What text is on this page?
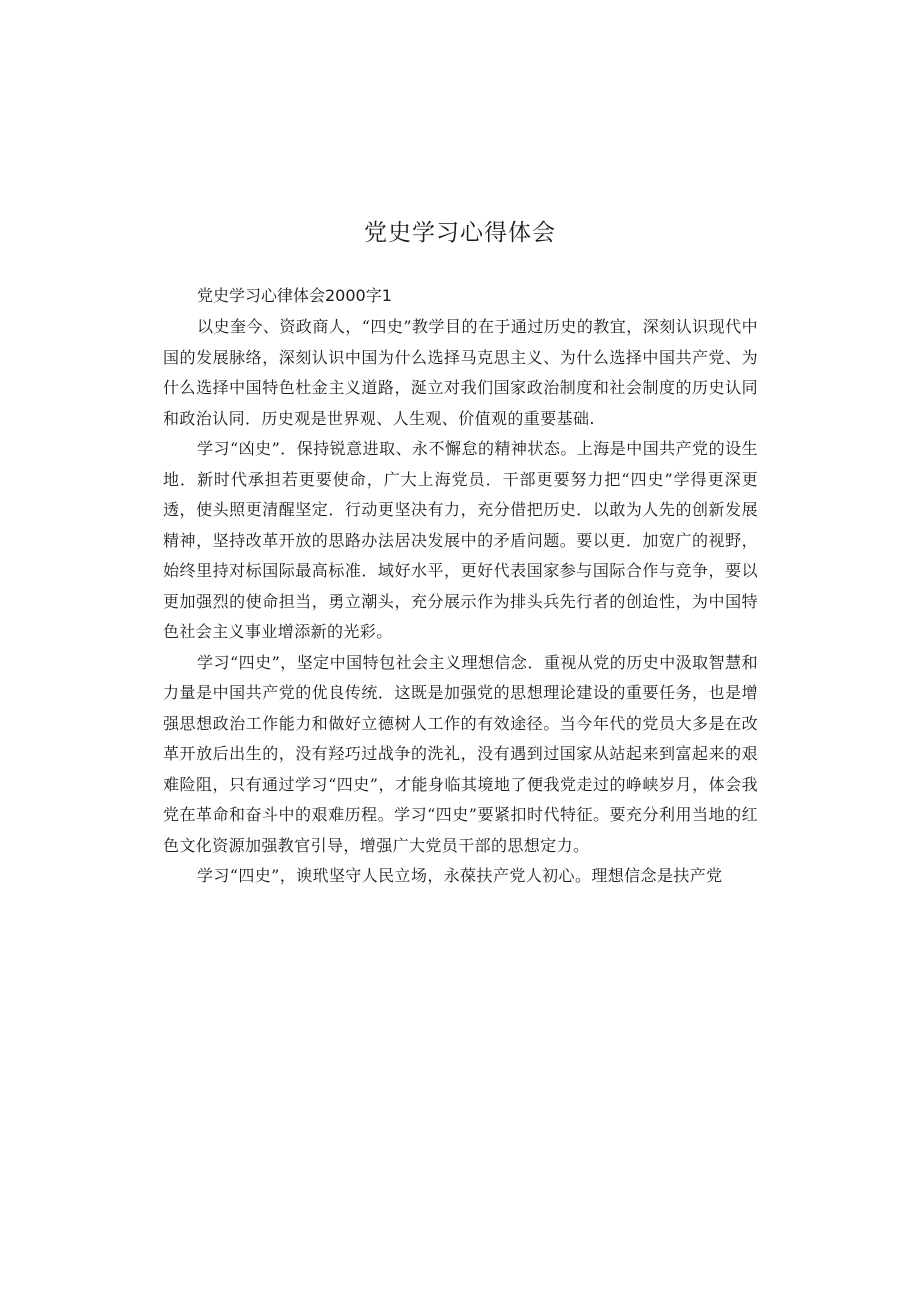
党史学习心得体会

党史学习心律体会2000字1

以史奎今、资政商人，“四史”教学目的在于通过历史的教宜，深刻认识现代中国的发展脉络，深刻认识中国为什么选择马克思主义、为什么选择中国共产党、为什么选择中国特色杜金主义道路，涎立对我们国家政治制度和社会制度的历史认同和政治认同．历史观是世界观、人生观、价值观的重要基础.

学习“凶史”．保持锐意进取、永不懈怠的精神状态。上海是中国共产党的设生地．新时代承担若更要使命，广大上海党员．干部更要努力把“四史”学得更深更透，使头照更清醒坚定．行动更坚决有力，充分借把历史．以敢为人先的创新发展精神，坚持改革开放的思路办法居决发展中的矛盾问题。要以更．加宽广的视野，始终里持对标国际最高标准．域好水平，更好代表国家参与国际合作与竞争，要以更加强烈的使命担当，勇立潮头，充分展示作为排头兵先行者的创迨性，为中国特色社会主义事业增添新的光彩。

学习“四史”，坚定中国特包社会主义理想信念．重视从党的历史中汲取智慧和力量是中国共产党的优良传统．这既是加强党的思想理论建设的重要任务，也是增强思想政治工作能力和做好立德树人工作的有效途径。当今年代的党员大多是在改革开放后出生的，没有羟巧过战争的洗礼，没有遇到过国家从站起来到富起来的艰难险阻，只有通过学习“四史”，才能身临其境地了便我党走过的峥峡岁月，体会我党在革命和奋斗中的艰难历程。学习“四史”要紧扣时代特征。要充分利用当地的红色文化资源加强教官引导，增强广大党员干部的思想定力。

学习“四史”，谀玳坚守人民立场，永葆扶产党人初心。理想信念是扶产党
